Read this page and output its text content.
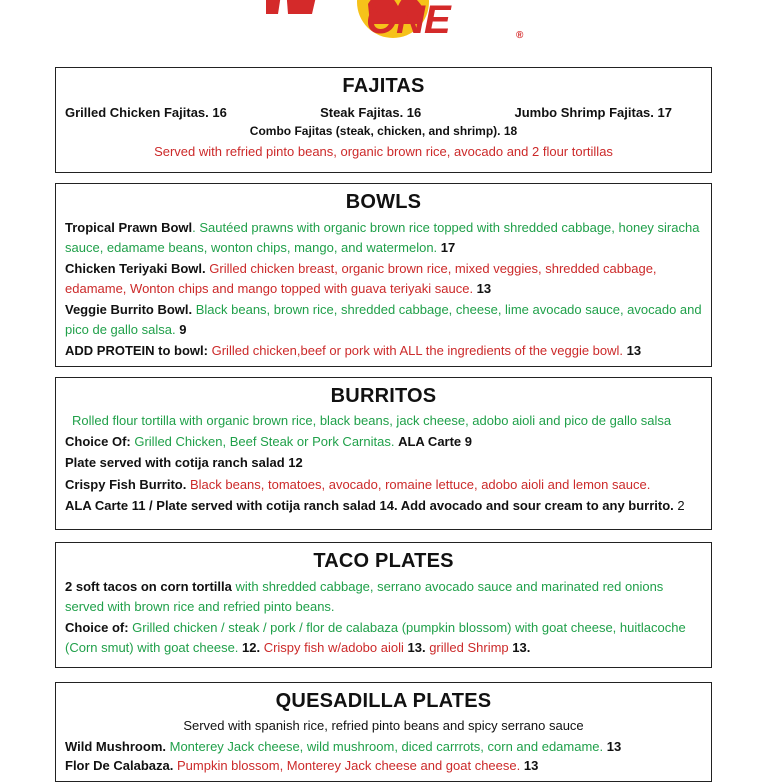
ONE	®
FAJITAS
Grilled Chicken Fajitas. 16	Steak Fajitas. 16	Jumbo Shrimp Fajitas. 17
Combo Fajitas (steak, chicken, and shrimp). 18
Served with refried pinto beans, organic brown rice, avocado and 2 flour tortillas
BOWLS
Tropical Prawn Bowl. Sautéed prawns with organic brown rice topped with shredded cabbage, honey siracha sauce, edamame beans, wonton chips, mango, and watermelon. 17
Chicken Teriyaki Bowl. Grilled chicken breast, organic brown rice, mixed veggies, shredded cabbage, edamame, Wonton chips and mango topped with guava teriyaki sauce. 13
Veggie Burrito Bowl. Black beans, brown rice, shredded cabbage, cheese, lime avocado sauce, avocado and pico de gallo salsa. 9
ADD PROTEIN to bowl: Grilled chicken,beef or pork with ALL the ingredients of the veggie bowl. 13
BURRITOS
Rolled flour tortilla with organic brown rice, black beans, jack cheese, adobo aioli and pico de gallo salsa
Choice Of: Grilled Chicken, Beef Steak or Pork Carnitas. ALA Carte 9
Plate served with cotija ranch salad 12
Crispy Fish Burrito. Black beans, tomatoes, avocado, romaine lettuce, adobo aioli and lemon sauce.
ALA Carte 11 / Plate served with cotija ranch salad 14. Add avocado and sour cream to any burrito. 2
TACO PLATES
2 soft tacos on corn tortilla with shredded cabbage, serrano avocado sauce and marinated red onions served with brown rice and refried pinto beans.
Choice of: Grilled chicken / steak / pork / flor de calabaza (pumpkin blossom) with goat cheese, huitlacoche (Corn smut) with goat cheese. 12. Crispy fish w/adobo aioli 13. grilled Shrimp 13.
QUESADILLA PLATES
Served with spanish rice, refried pinto beans and spicy serrano sauce
Wild Mushroom. Monterey Jack cheese, wild mushroom, diced carrrots, corn and edamame. 13
Flor De Calabaza. Pumpkin blossom, Monterey Jack cheese and goat cheese. 13
